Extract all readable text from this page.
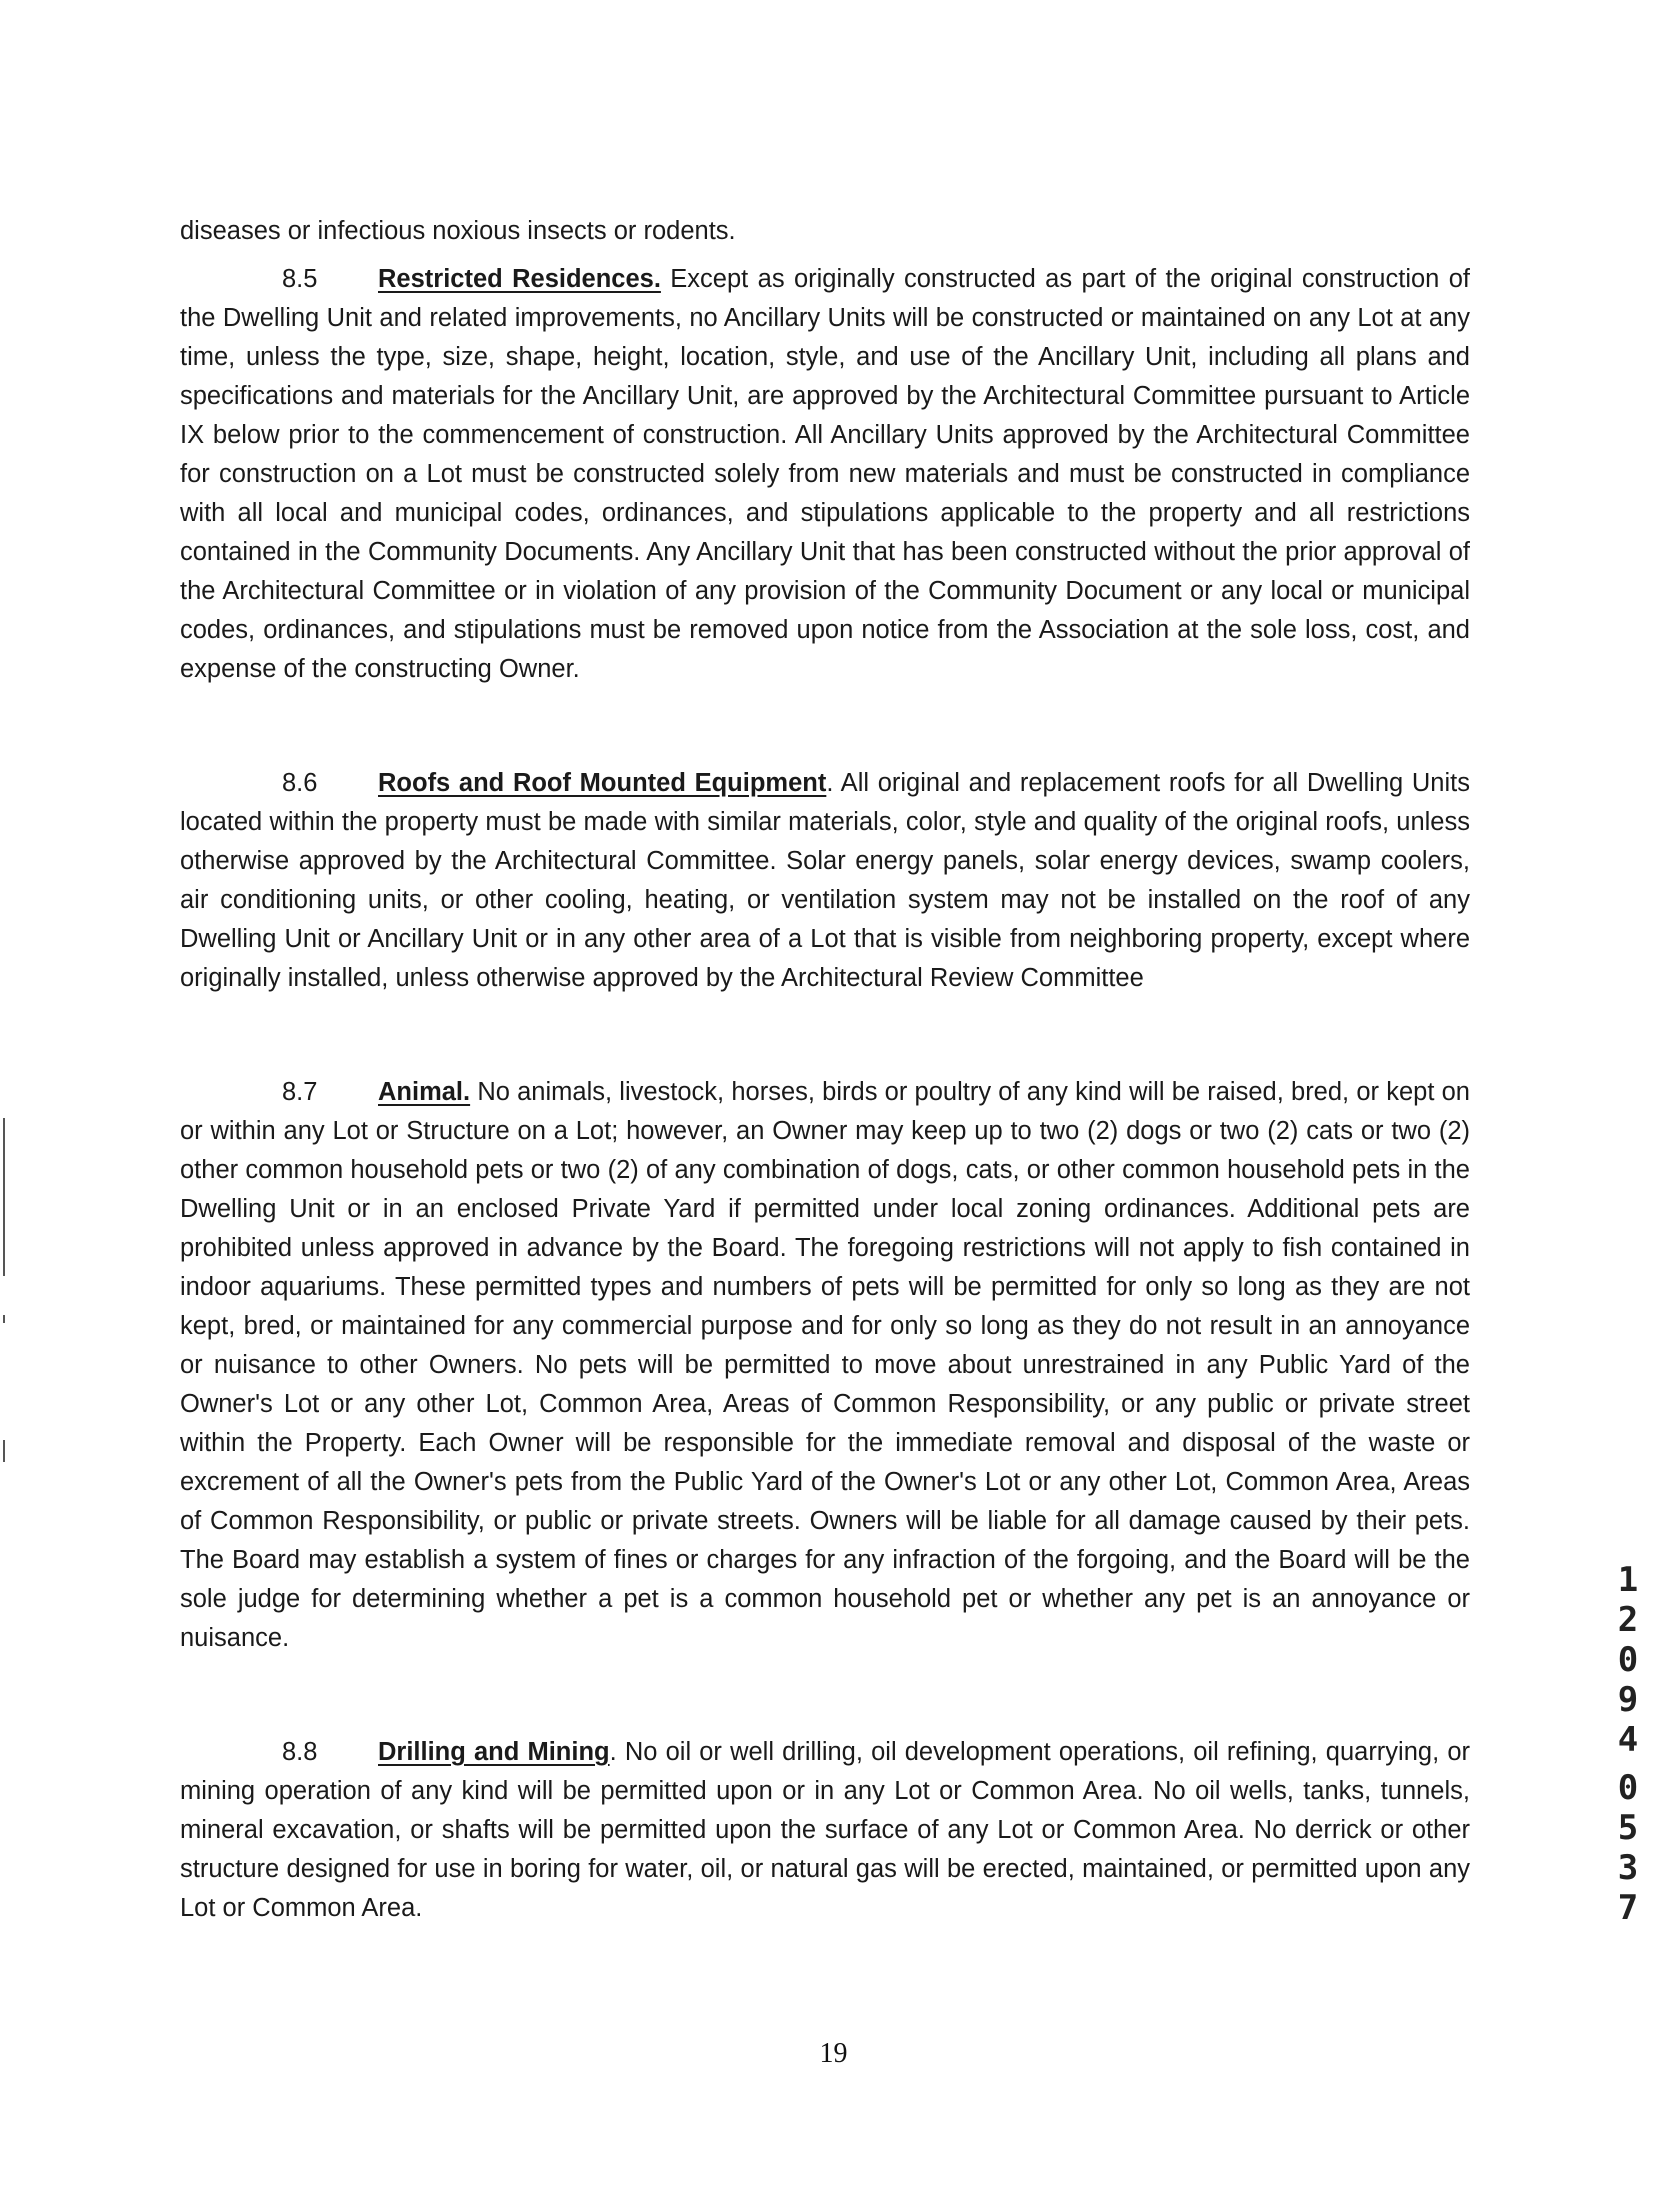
diseases or infectious noxious insects or rodents.

8.5 Restricted Residences. Except as originally constructed as part of the original construction of the Dwelling Unit and related improvements, no Ancillary Units will be constructed or maintained on any Lot at any time, unless the type, size, shape, height, location, style, and use of the Ancillary Unit, including all plans and specifications and materials for the Ancillary Unit, are approved by the Architectural Committee pursuant to Article IX below prior to the commencement of construction. All Ancillary Units approved by the Architectural Committee for construction on a Lot must be constructed solely from new materials and must be constructed in compliance with all local and municipal codes, ordinances, and stipulations applicable to the property and all restrictions contained in the Community Documents. Any Ancillary Unit that has been constructed without the prior approval of the Architectural Committee or in violation of any provision of the Community Document or any local or municipal codes, ordinances, and stipulations must be removed upon notice from the Association at the sole loss, cost, and expense of the constructing Owner.

8.6 Roofs and Roof Mounted Equipment. All original and replacement roofs for all Dwelling Units located within the property must be made with similar materials, color, style and quality of the original roofs, unless otherwise approved by the Architectural Committee. Solar energy panels, solar energy devices, swamp coolers, air conditioning units, or other cooling, heating, or ventilation system may not be installed on the roof of any Dwelling Unit or Ancillary Unit or in any other area of a Lot that is visible from neighboring property, except where originally installed, unless otherwise approved by the Architectural Review Committee

8.7 Animal. No animals, livestock, horses, birds or poultry of any kind will be raised, bred, or kept on or within any Lot or Structure on a Lot; however, an Owner may keep up to two (2) dogs or two (2) cats or two (2) other common household pets or two (2) of any combination of dogs, cats, or other common household pets in the Dwelling Unit or in an enclosed Private Yard if permitted under local zoning ordinances. Additional pets are prohibited unless approved in advance by the Board. The foregoing restrictions will not apply to fish contained in indoor aquariums. These permitted types and numbers of pets will be permitted for only so long as they are not kept, bred, or maintained for any commercial purpose and for only so long as they do not result in an annoyance or nuisance to other Owners. No pets will be permitted to move about unrestrained in any Public Yard of the Owner's Lot or any other Lot, Common Area, Areas of Common Responsibility, or any public or private street within the Property. Each Owner will be responsible for the immediate removal and disposal of the waste or excrement of all the Owner's pets from the Public Yard of the Owner's Lot or any other Lot, Common Area, Areas of Common Responsibility, or public or private streets. Owners will be liable for all damage caused by their pets. The Board may establish a system of fines or charges for any infraction of the forgoing, and the Board will be the sole judge for determining whether a pet is a common household pet or whether any pet is an annoyance or nuisance.

8.8 Drilling and Mining. No oil or well drilling, oil development operations, oil refining, quarrying, or mining operation of any kind will be permitted upon or in any Lot or Common Area. No oil wells, tanks, tunnels, mineral excavation, or shafts will be permitted upon the surface of any Lot or Common Area. No derrick or other structure designed for use in boring for water, oil, or natural gas will be erected, maintained, or permitted upon any Lot or Common Area.

19
1
2
0
9
4
0
5
3
7
